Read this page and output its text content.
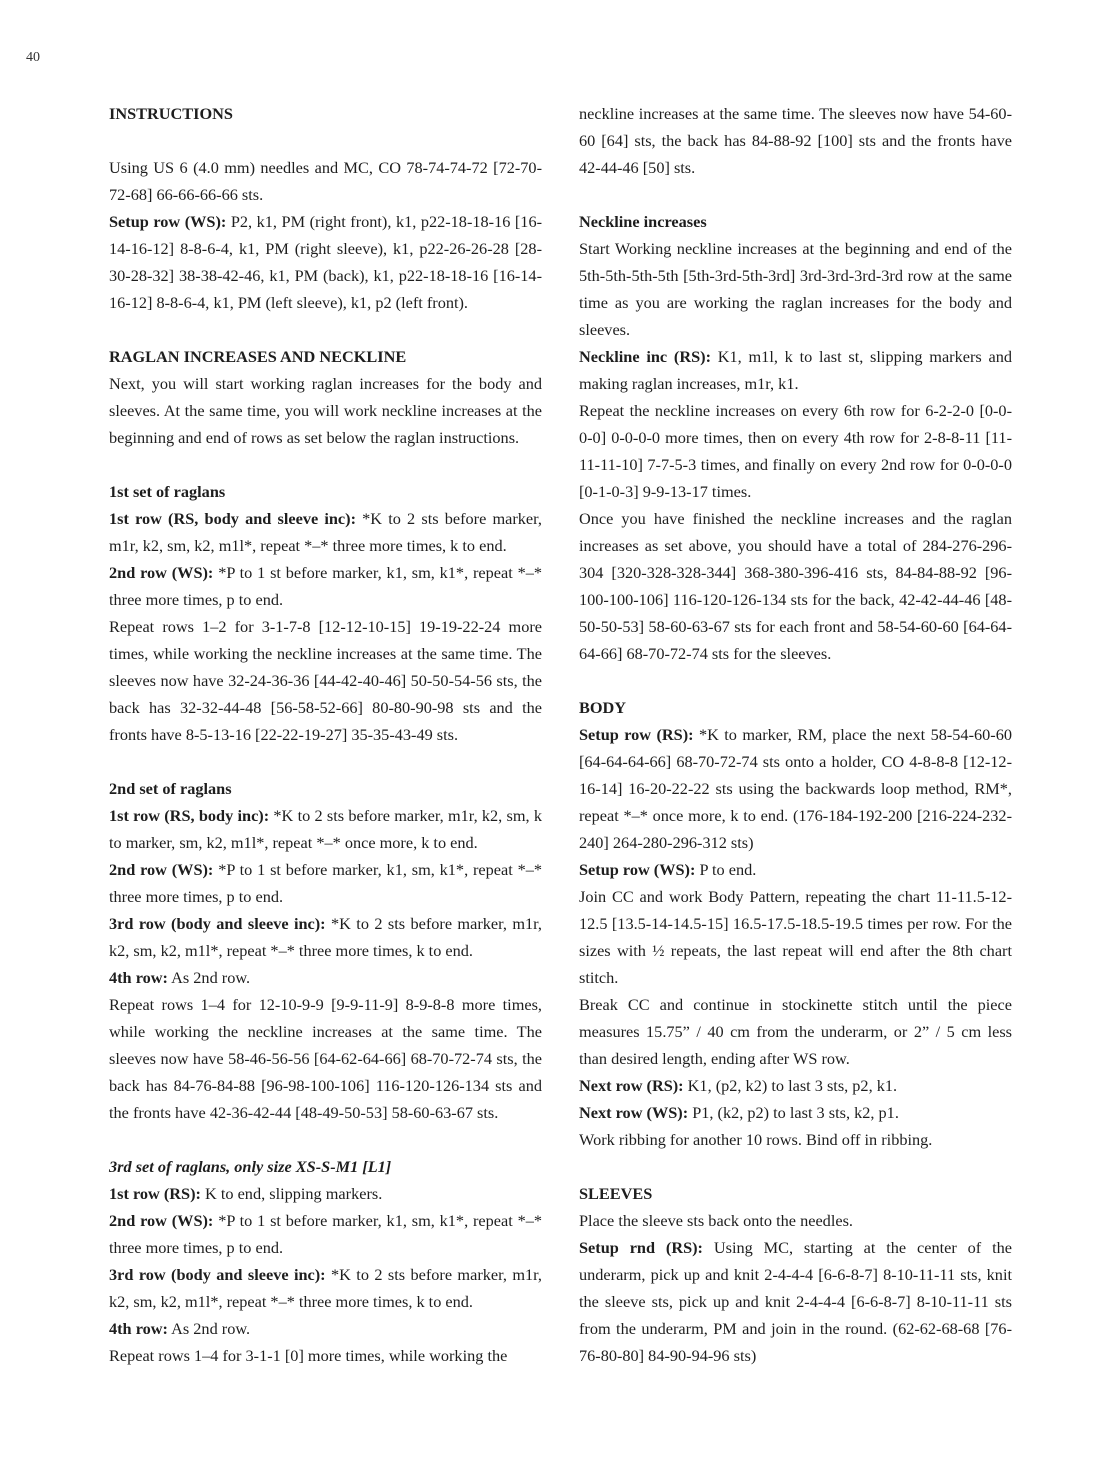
40
INSTRUCTIONS

Using US 6 (4.0 mm) needles and MC, CO 78-74-74-72 [72-70-72-68] 66-66-66-66 sts.

Setup row (WS): P2, k1, PM (right front), k1, p22-18-18-16 [16-14-16-12] 8-8-6-4, k1, PM (right sleeve), k1, p22-26-26-28 [28-30-28-32] 38-38-42-46, k1, PM (back), k1, p22-18-18-16 [16-14-16-12] 8-8-6-4, k1, PM (left sleeve), k1, p2 (left front).

RAGLAN INCREASES AND NECKLINE

Next, you will start working raglan increases for the body and sleeves. At the same time, you will work neckline increases at the beginning and end of rows as set below the raglan instructions.

1st set of raglans

1st row (RS, body and sleeve inc): *K to 2 sts before marker, m1r, k2, sm, k2, m1l*, repeat *–* three more times, k to end.

2nd row (WS): *P to 1 st before marker, k1, sm, k1*, repeat *–* three more times, p to end.

Repeat rows 1–2 for 3-1-7-8 [12-12-10-15] 19-19-22-24 more times, while working the neckline increases at the same time. The sleeves now have 32-24-36-36 [44-42-40-46] 50-50-54-56 sts, the back has 32-32-44-48 [56-58-52-66] 80-80-90-98 sts and the fronts have 8-5-13-16 [22-22-19-27] 35-35-43-49 sts.

2nd set of raglans

1st row (RS, body inc): *K to 2 sts before marker, m1r, k2, sm, k to marker, sm, k2, m1l*, repeat *–* once more, k to end.

2nd row (WS): *P to 1 st before marker, k1, sm, k1*, repeat *–* three more times, p to end.

3rd row (body and sleeve inc): *K to 2 sts before marker, m1r, k2, sm, k2, m1l*, repeat *–* three more times, k to end.

4th row: As 2nd row.

Repeat rows 1–4 for 12-10-9-9 [9-9-11-9] 8-9-8-8 more times, while working the neckline increases at the same time. The sleeves now have 58-46-56-56 [64-62-64-66] 68-70-72-74 sts, the back has 84-76-84-88 [96-98-100-106] 116-120-126-134 sts and the fronts have 42-36-42-44 [48-49-50-53] 58-60-63-67 sts.

3rd set of raglans, only size XS-S-M1 [L1]

1st row (RS): K to end, slipping markers.

2nd row (WS): *P to 1 st before marker, k1, sm, k1*, repeat *–* three more times, p to end.

3rd row (body and sleeve inc): *K to 2 sts before marker, m1r, k2, sm, k2, m1l*, repeat *–* three more times, k to end.

4th row: As 2nd row.

Repeat rows 1–4 for 3-1-1 [0] more times, while working the

neckline increases at the same time. The sleeves now have 54-60-60 [64] sts, the back has 84-88-92 [100] sts and the fronts have 42-44-46 [50] sts.

Neckline increases

Start Working neckline increases at the beginning and end of the 5th-5th-5th-5th [5th-3rd-5th-3rd] 3rd-3rd-3rd-3rd row at the same time as you are working the raglan increases for the body and sleeves.

Neckline inc (RS): K1, m1l, k to last st, slipping markers and making raglan increases, m1r, k1.

Repeat the neckline increases on every 6th row for 6-2-2-0 [0-0-0-0] 0-0-0-0 more times, then on every 4th row for 2-8-8-11 [11-11-11-10] 7-7-5-3 times, and finally on every 2nd row for 0-0-0-0 [0-1-0-3] 9-9-13-17 times.

Once you have finished the neckline increases and the raglan increases as set above, you should have a total of 284-276-296-304 [320-328-328-344] 368-380-396-416 sts, 84-84-88-92 [96-100-100-106] 116-120-126-134 sts for the back, 42-42-44-46 [48-50-50-53] 58-60-63-67 sts for each front and 58-54-60-60 [64-64-64-66] 68-70-72-74 sts for the sleeves.

BODY

Setup row (RS): *K to marker, RM, place the next 58-54-60-60 [64-64-64-66] 68-70-72-74 sts onto a holder, CO 4-8-8-8 [12-12-16-14] 16-20-22-22 sts using the backwards loop method, RM*, repeat *–* once more, k to end. (176-184-192-200 [216-224-232-240] 264-280-296-312 sts)

Setup row (WS): P to end.

Join CC and work Body Pattern, repeating the chart 11-11.5-12-12.5 [13.5-14-14.5-15] 16.5-17.5-18.5-19.5 times per row. For the sizes with ½ repeats, the last repeat will end after the 8th chart stitch.

Break CC and continue in stockinette stitch until the piece measures 15.75” / 40 cm from the underarm, or 2” / 5 cm less than desired length, ending after WS row.

Next row (RS): K1, (p2, k2) to last 3 sts, p2, k1.

Next row (WS): P1, (k2, p2) to last 3 sts, k2, p1.

Work ribbing for another 10 rows. Bind off in ribbing.

SLEEVES

Place the sleeve sts back onto the needles.

Setup rnd (RS): Using MC, starting at the center of the underarm, pick up and knit 2-4-4-4 [6-6-8-7] 8-10-11-11 sts, knit the sleeve sts, pick up and knit 2-4-4-4 [6-6-8-7] 8-10-11-11 sts from the underarm, PM and join in the round. (62-62-68-68 [76-76-80-80] 84-90-94-96 sts)
